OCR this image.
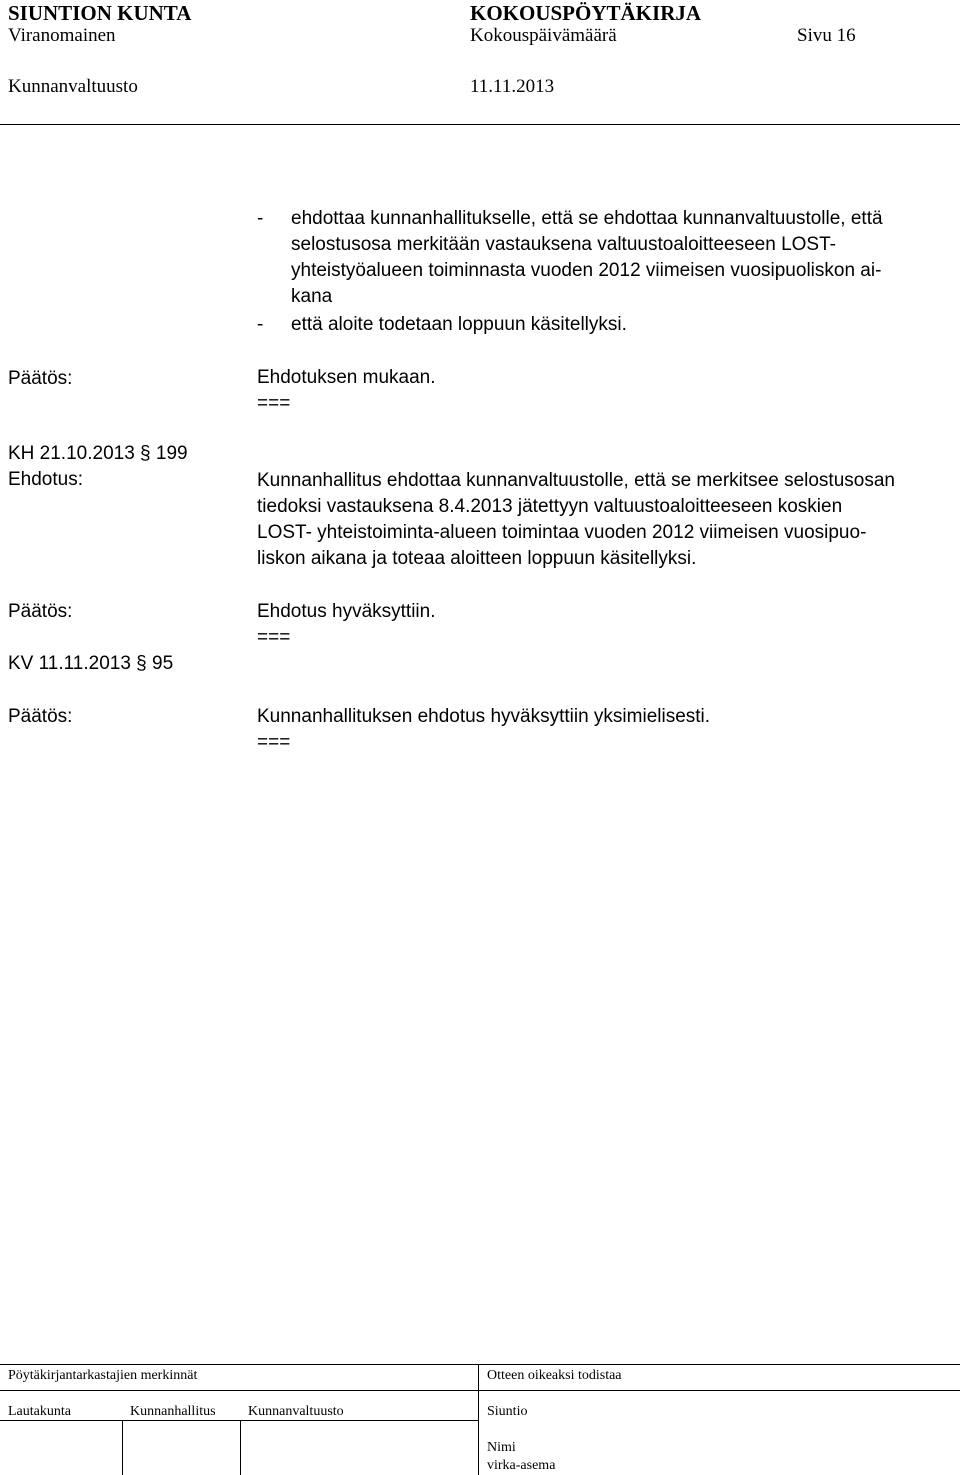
SIUNTION KUNTA	KOKOUSPÖYTÄKIRJA
Viranomainen	Kokouspäivämäärä	Sivu 16
Kunnanvaltuusto	11.11.2013
- ehdottaa kunnanhallitukselle, että se ehdottaa kunnanvaltuustolle, että
selostusosa merkitään vastauksena valtuustoaloitteeseen LOST-
yhteistyöalueen toiminnasta vuoden 2012 viimeisen vuosipuoliskon ai-
kana
- että aloite todetaan loppuun käsitellyksi.
Päätös:	Ehdotuksen mukaan.
===
KH 21.10.2013 § 199
Ehdotus:	Kunnanhallitus ehdottaa kunnanvaltuustolle, että se merkitsee selostusosan
tiedoksi vastauksena 8.4.2013 jätettyyn valtuustoaloitteeseen koskien
LOST- yhteistoiminta-alueen toimintaa vuoden 2012 viimeisen vuosipuo-
liskon aikana ja toteaa aloitteen loppuun käsitellyksi.
Päätös:	Ehdotus hyväksyttiin.
===
KV 11.11.2013 § 95
Päätös:	Kunnanhallituksen ehdotus hyväksyttiin yksimielisesti.
===
Pöytäkirjantarkastajien merkinnät	Otteen oikeaksi todistaa
Lautakunta	Kunnanhallitus Kunnanvaltuusto	Siuntio
Nimi
virka-asema
